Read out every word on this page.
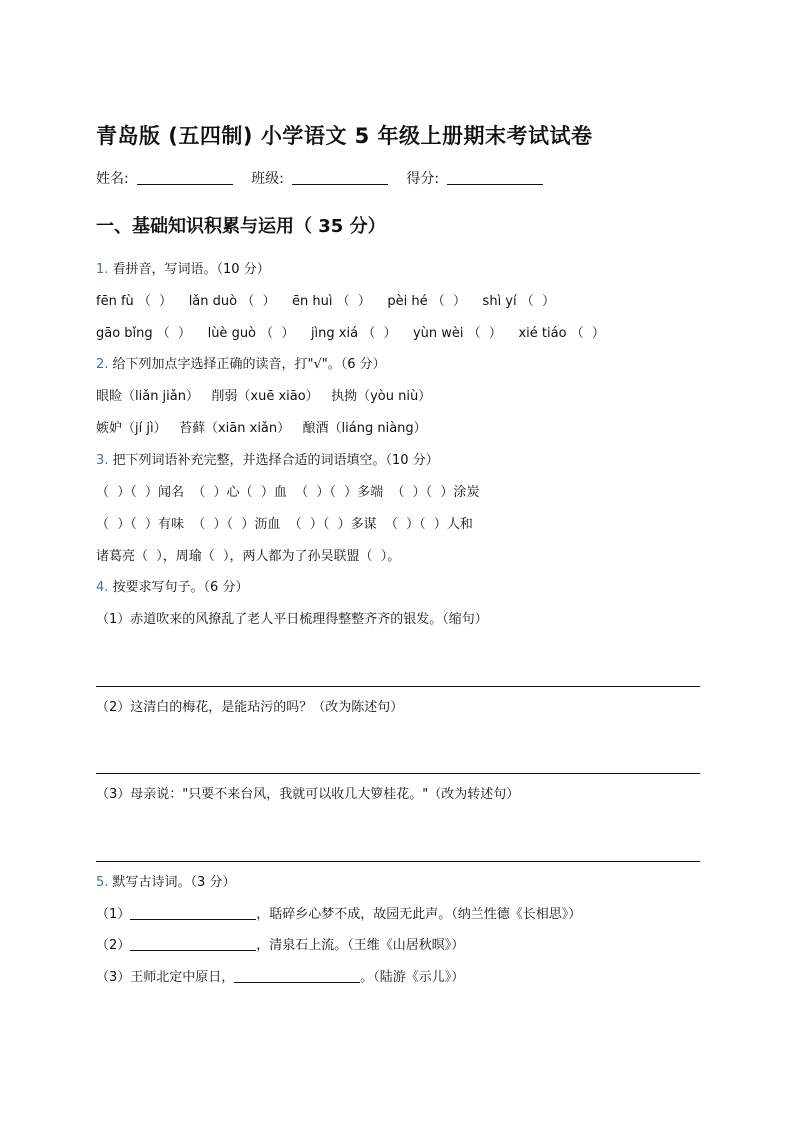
青岛版 (五四制) 小学语文 5 年级上册期末考试试卷
姓名:	班级:	得分:
一、基础知识积累与运用（ 35 分）
1. 看拼音，写词语。（10 分）
fēn fù （  ）    lǎn duò （  ）    ēn huì （  ）    pèi hé （  ）    shì yí （  ）
gāo bǐng （  ）    lùè guò （  ）    jìng xiá （  ）    yùn wèi （  ）    xié tiáo （  ）
2. 给下列加点字选择正确的读音，打"√"。（6 分）
眼睑（liǎn jiǎn）   削弱（xuē xiāo）   执拗（yòu niù）
嫉妒（jí jì）   苔藓（xiān xiǎn）   酿酒（liáng niàng）
3. 把下列词语补充完整，并选择合适的词语填空。（10 分）
（  ）（  ）闻名  （  ）心（  ）血  （  ）（  ）多端  （  ）（  ）涂炭
（  ）（  ）有味  （  ）（  ）沥血  （  ）（  ）多谋  （  ）（  ）人和
诸葛亮（  ），周瑜（  ），两人都为了孙吴联盟（  ）。
4. 按要求写句子。（6 分）
（1）赤道吹来的风撩乱了老人平日梳理得整整齐齐的银发。（缩句）
（2）这清白的梅花，是能玷污的吗？（改为陈述句）
（3）母亲说："只要不来台风，我就可以收几大箩桂花。"（改为转述句）
5. 默写古诗词。（3 分）
（1）	，聒碎乡心梦不成，故园无此声。（纳兰性德《长相思》）
（2）	，清泉石上流。（王维《山居秋暝》）
（3）王师北定中原日，	。（陆游《示儿》）
